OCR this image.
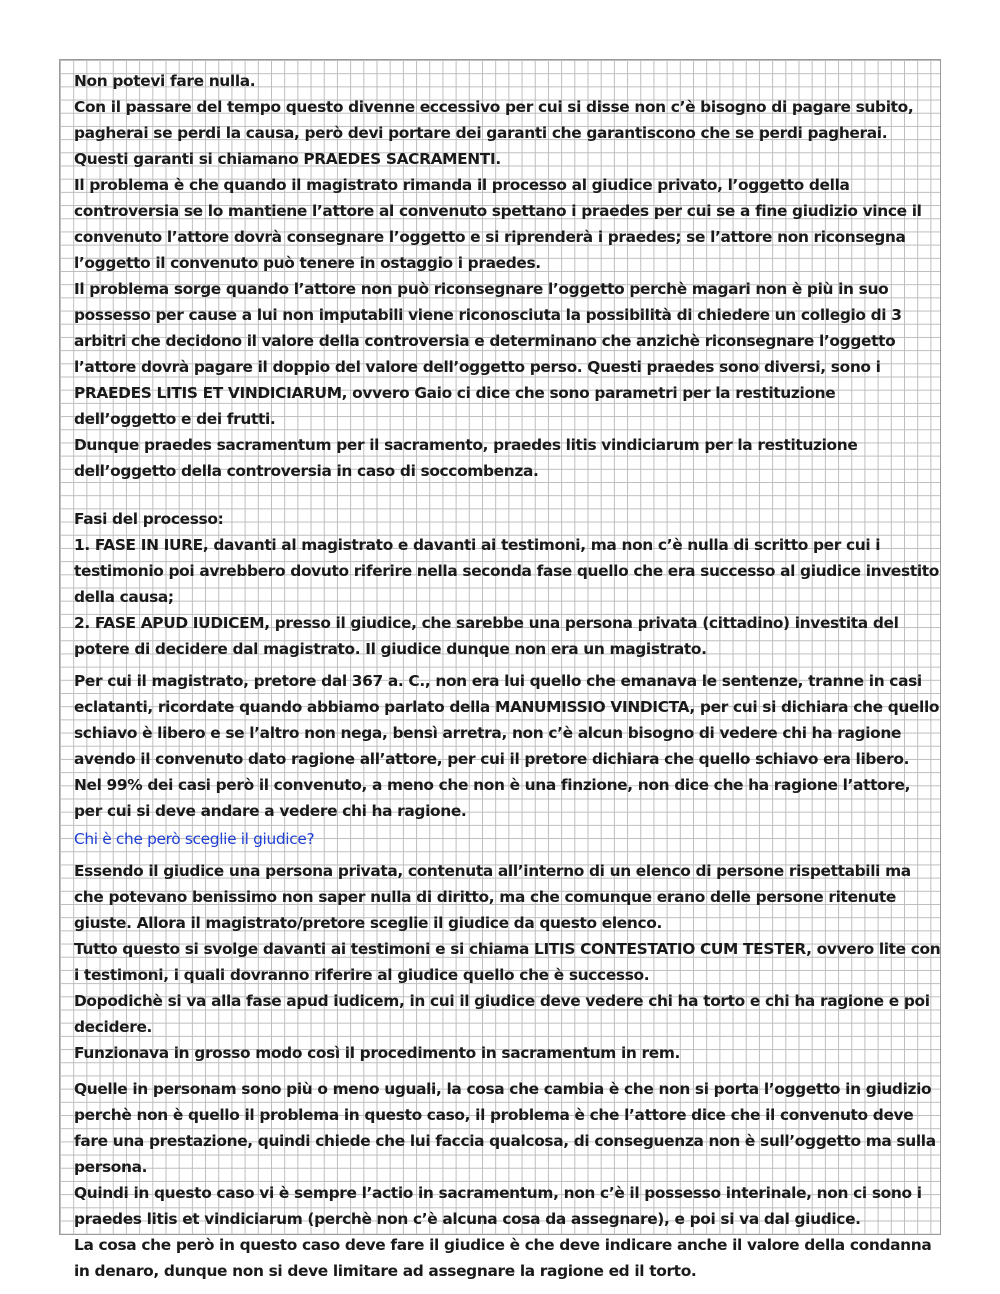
Non potevi fare nulla.

Con il passare del tempo questo divenne eccessivo per cui si disse non c’è bisogno di pagare subito, pagherai se perdi la causa, però devi portare dei garanti che garantiscono che se perdi pagherai. Questi garanti si chiamano PRAEDES SACRAMENTI.

Il problema è che quando il magistrato rimanda il processo al giudice privato, l’oggetto della controversia se lo mantiene l’attore al convenuto spettano i praedes per cui se a fine giudizio vince il convenuto l’attore dovrà consegnare l’oggetto e si riprenderà i praedes; se l’attore non riconsegna l’oggetto il convenuto può tenere in ostaggio i praedes.

Il problema sorge quando l’attore non può riconsegnare l’oggetto perchè magari non è più in suo possesso per cause a lui non imputabili viene riconosciuta la possibilità di chiedere un collegio di 3 arbitri che decidono il valore della controversia e determinano che anzichè riconsegnare l’oggetto l’attore dovrà pagare il doppio del valore dell’oggetto perso. Questi praedes sono diversi, sono i PRAEDES LITIS ET VINDICIARUM, ovvero Gaio ci dice che sono parametri per la restituzione dell’oggetto e dei frutti.

Dunque praedes sacramentum per il sacramento, praedes litis vindiciarum per la restituzione dell’oggetto della controversia in caso di soccombenza.

Fasi del processo:

1. FASE IN IURE, davanti al magistrato e davanti ai testimoni, ma non c’è nulla di scritto per cui i testimonio poi avrebbero dovuto riferire nella seconda fase quello che era successo al giudice investito della causa;

2. FASE APUD IUDICEM, presso il giudice, che sarebbe una persona privata (cittadino) investita del potere di decidere dal magistrato. Il giudice dunque non era un magistrato.

Per cui il magistrato, pretore dal 367 a. C., non era lui quello che emanava le sentenze, tranne in casi eclatanti, ricordate quando abbiamo parlato della MANUMISSIO VINDICTA, per cui si dichiara che quello schiavo è libero e se l’altro non nega, bensì arretra, non c’è alcun bisogno di vedere chi ha ragione avendo il convenuto dato ragione all’attore, per cui il pretore dichiara che quello schiavo era libero.

Nel 99% dei casi però il convenuto, a meno che non è una finzione, non dice che ha ragione l’attore, per cui si deve andare a vedere chi ha ragione.

Chi è che però sceglie il giudice?

Essendo il giudice una persona privata, contenuta all’interno di un elenco di persone rispettabili ma che potevano benissimo non saper nulla di diritto, ma che comunque erano delle persone ritenute giuste. Allora il magistrato/pretore sceglie il giudice da questo elenco.

Tutto questo si svolge davanti ai testimoni e si chiama LITIS CONTESTATIO CUM TESTER, ovvero lite con i testimoni, i quali dovranno riferire al giudice quello che è successo.

Dopodichè si va alla fase apud iudicem, in cui il giudice deve vedere chi ha torto e chi ha ragione e poi decidere.

Funzionava in grosso modo così il procedimento in sacramentum in rem.

Quelle in personam sono più o meno uguali, la cosa che cambia è che non si porta l’oggetto in giudizio perchè non è quello il problema in questo caso, il problema è che l’attore dice che il convenuto deve fare una prestazione, quindi chiede che lui faccia qualcosa, di conseguenza non è sull’oggetto ma sulla persona.

Quindi in questo caso vi è sempre l’actio in sacramentum, non c’è il possesso interinale, non ci sono i praedes litis et vindiciarum (perchè non c’è alcuna cosa da assegnare), e poi si va dal giudice.

La cosa che però in questo caso deve fare il giudice è che deve indicare anche il valore della condanna in denaro, dunque non si deve limitare ad assegnare la ragione ed il torto.
